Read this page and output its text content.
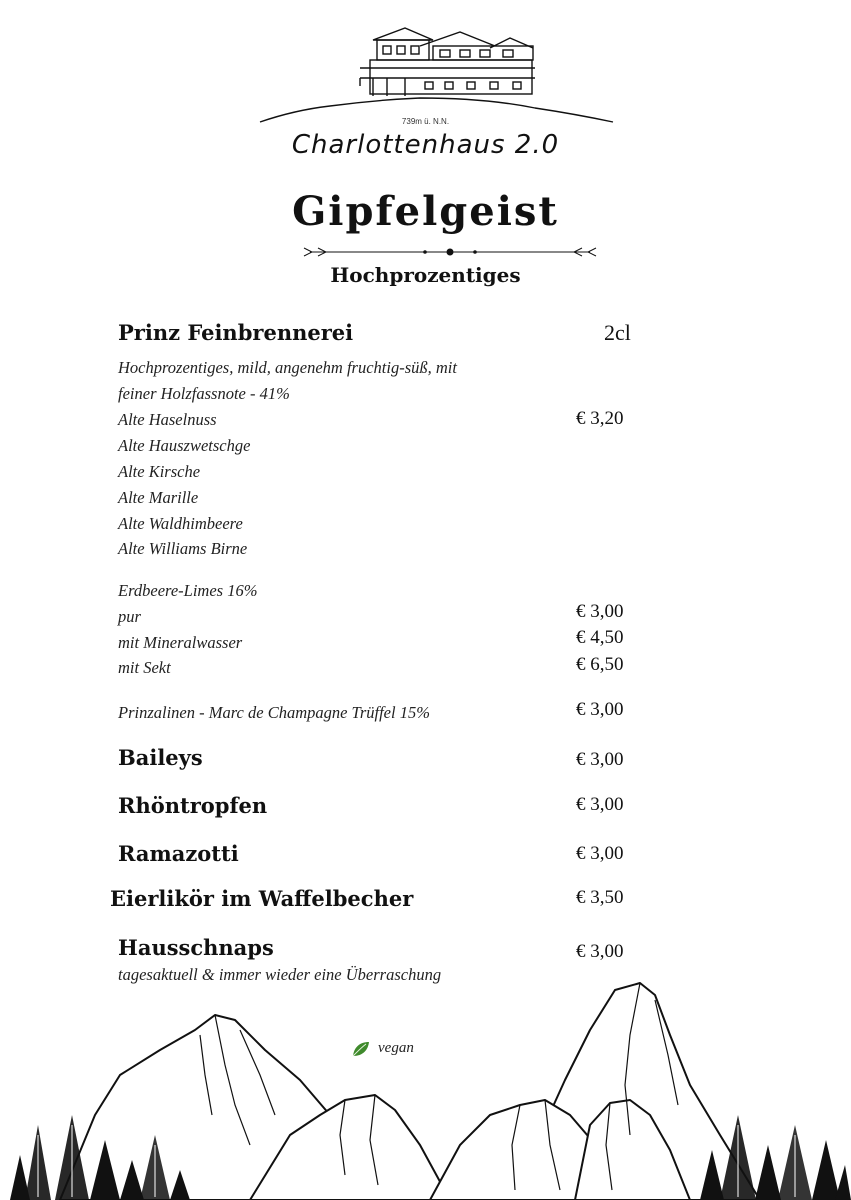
739m ü. N.N.
Charlottenhaus 2.0
Gipfelgeist
Hochprozentiges
Prinz Feinbrennerei	2cl
Hochprozentiges, mild, angenehm fruchtig-süß, mit
feiner Holzfassnote - 41%
Alte Haselnuss	€ 3,20
Alte Hauszwetschge
Alte Kirsche
Alte Marille
Alte Waldhimbeere
Alte Williams Birne
Erdbeere-Limes 16%
pur	€ 3,00
mit Mineralwasser	€ 4,50
mit Sekt	€ 6,50
Prinzalinen - Marc de Champagne Trüffel 15%	€ 3,00
Baileys	€ 3,00
Rhöntropfen	€ 3,00
Ramazotti	€ 3,00
Eierlikör im Waffelbecher	€ 3,50
Hausschnaps	€ 3,00
tagesaktuell & immer wieder eine Überraschung
vegan
